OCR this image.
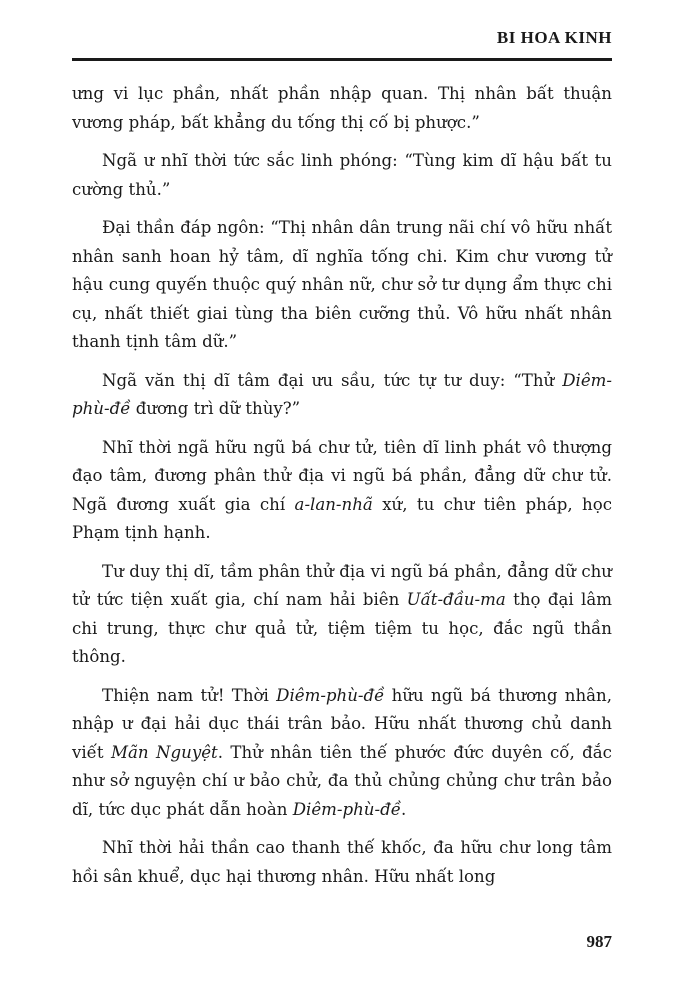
BI HOA KINH

ưng vi lục phần, nhất phần nhập quan. Thị nhân bất thuận vương pháp, bất khẳng du tống thị cố bị phược.”

Ngã ư nhĩ thời tức sắc linh phóng: “Tùng kim dĩ hậu bất tu cường thủ.”

Đại thần đáp ngôn: “Thị nhân dân trung nãi chí vô hữu nhất nhân sanh hoan hỷ tâm, dĩ nghĩa tống chi. Kim chư vương tử hậu cung quyến thuộc quý nhân nữ, chư sở tư dụng ẩm thực chi cụ, nhất thiết giai tùng tha biên cưỡng thủ. Vô hữu nhất nhân thanh tịnh tâm dữ.”

Ngã văn thị dĩ tâm đại ưu sầu, tức tự tư duy: “Thử Diêm-phù-đề đương trì dữ thùy?”

Nhĩ thời ngã hữu ngũ bá chư tử, tiên dĩ linh phát vô thượng đạo tâm, đương phân thử địa vi ngũ bá phần, đẳng dữ chư tử. Ngã đương xuất gia chí a-lan-nhã xứ, tu chư tiên pháp, học Phạm tịnh hạnh.

Tư duy thị dĩ, tầm phân thử địa vi ngũ bá phần, đẳng dữ chư tử tức tiện xuất gia, chí nam hải biên Uất-đầu-ma thọ đại lâm chi trung, thực chư quả tử, tiệm tiệm tu học, đắc ngũ thần thông.

Thiện nam tử! Thời Diêm-phù-đề hữu ngũ bá thương nhân, nhập ư đại hải dục thái trân bảo. Hữu nhất thương chủ danh viết Mãn Nguyệt. Thử nhân tiên thế phước đức duyên cố, đắc như sở nguyện chí ư bảo chử, đa thủ chủng chủng chư trân bảo dĩ, tức dục phát dẫn hoàn Diêm-phù-đề.

Nhĩ thời hải thần cao thanh thế khốc, đa hữu chư long tâm hồi sân khuể, dục hại thương nhân. Hữu nhất long

987
